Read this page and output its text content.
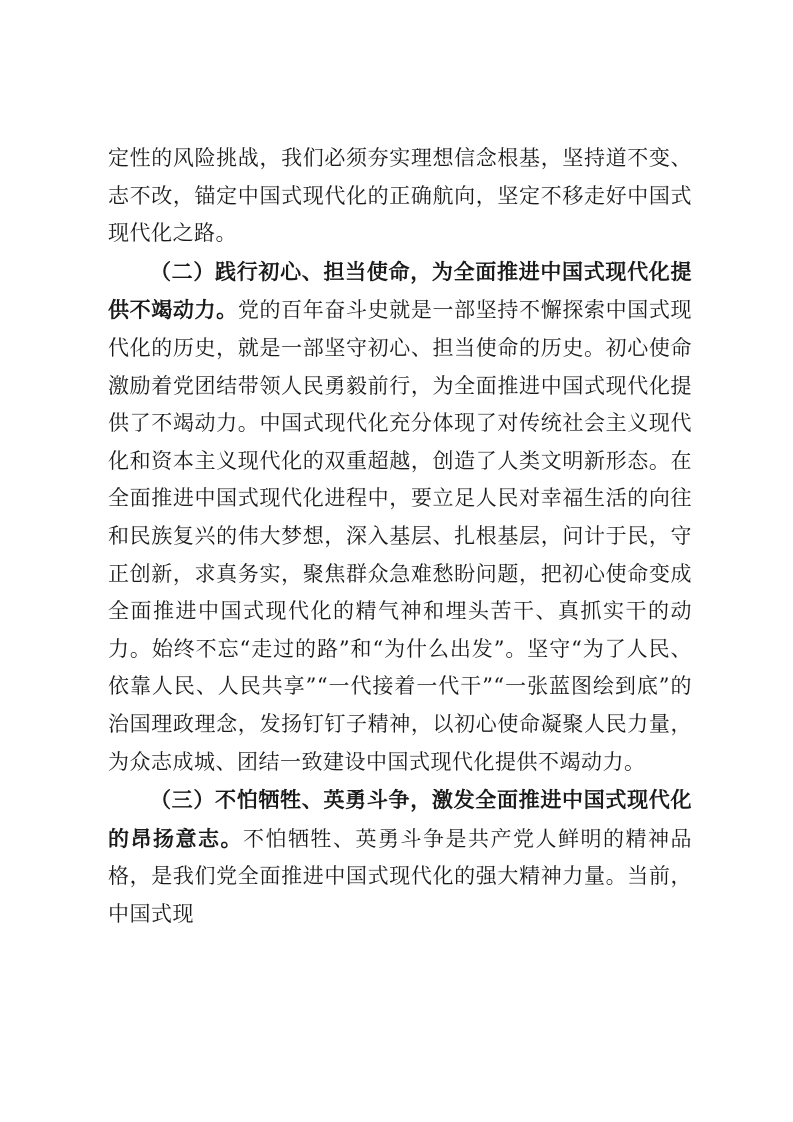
定性的风险挑战，我们必须夯实理想信念根基，坚持道不变、志不改，锚定中国式现代化的正确航向，坚定不移走好中国式现代化之路。

（二）践行初心、担当使命，为全面推进中国式现代化提供不竭动力。党的百年奋斗史就是一部坚持不懈探索中国式现代化的历史，就是一部坚守初心、担当使命的历史。初心使命激励着党团结带领人民勇毅前行，为全面推进中国式现代化提供了不竭动力。中国式现代化充分体现了对传统社会主义现代化和资本主义现代化的双重超越，创造了人类文明新形态。在全面推进中国式现代化进程中，要立足人民对幸福生活的向往和民族复兴的伟大梦想，深入基层、扎根基层，问计于民，守正创新，求真务实，聚焦群众急难愁盼问题，把初心使命变成全面推进中国式现代化的精气神和埋头苦干、真抓实干的动力。始终不忘“走过的路”和“为什么出发”。坚守“为了人民、依靠人民、人民共享”“一代接着一代干”“一张蓝图绘到底”的治国理政理念，发扬钉钉子精神，以初心使命凝聚人民力量，为众志成城、团结一致建设中国式现代化提供不竭动力。

（三）不怕牺牲、英勇斗争，激发全面推进中国式现代化的昂扬意志。不怕牺牲、英勇斗争是共产党人鲜明的精神品格，是我们党全面推进中国式现代化的强大精神力量。当前，中国式现
